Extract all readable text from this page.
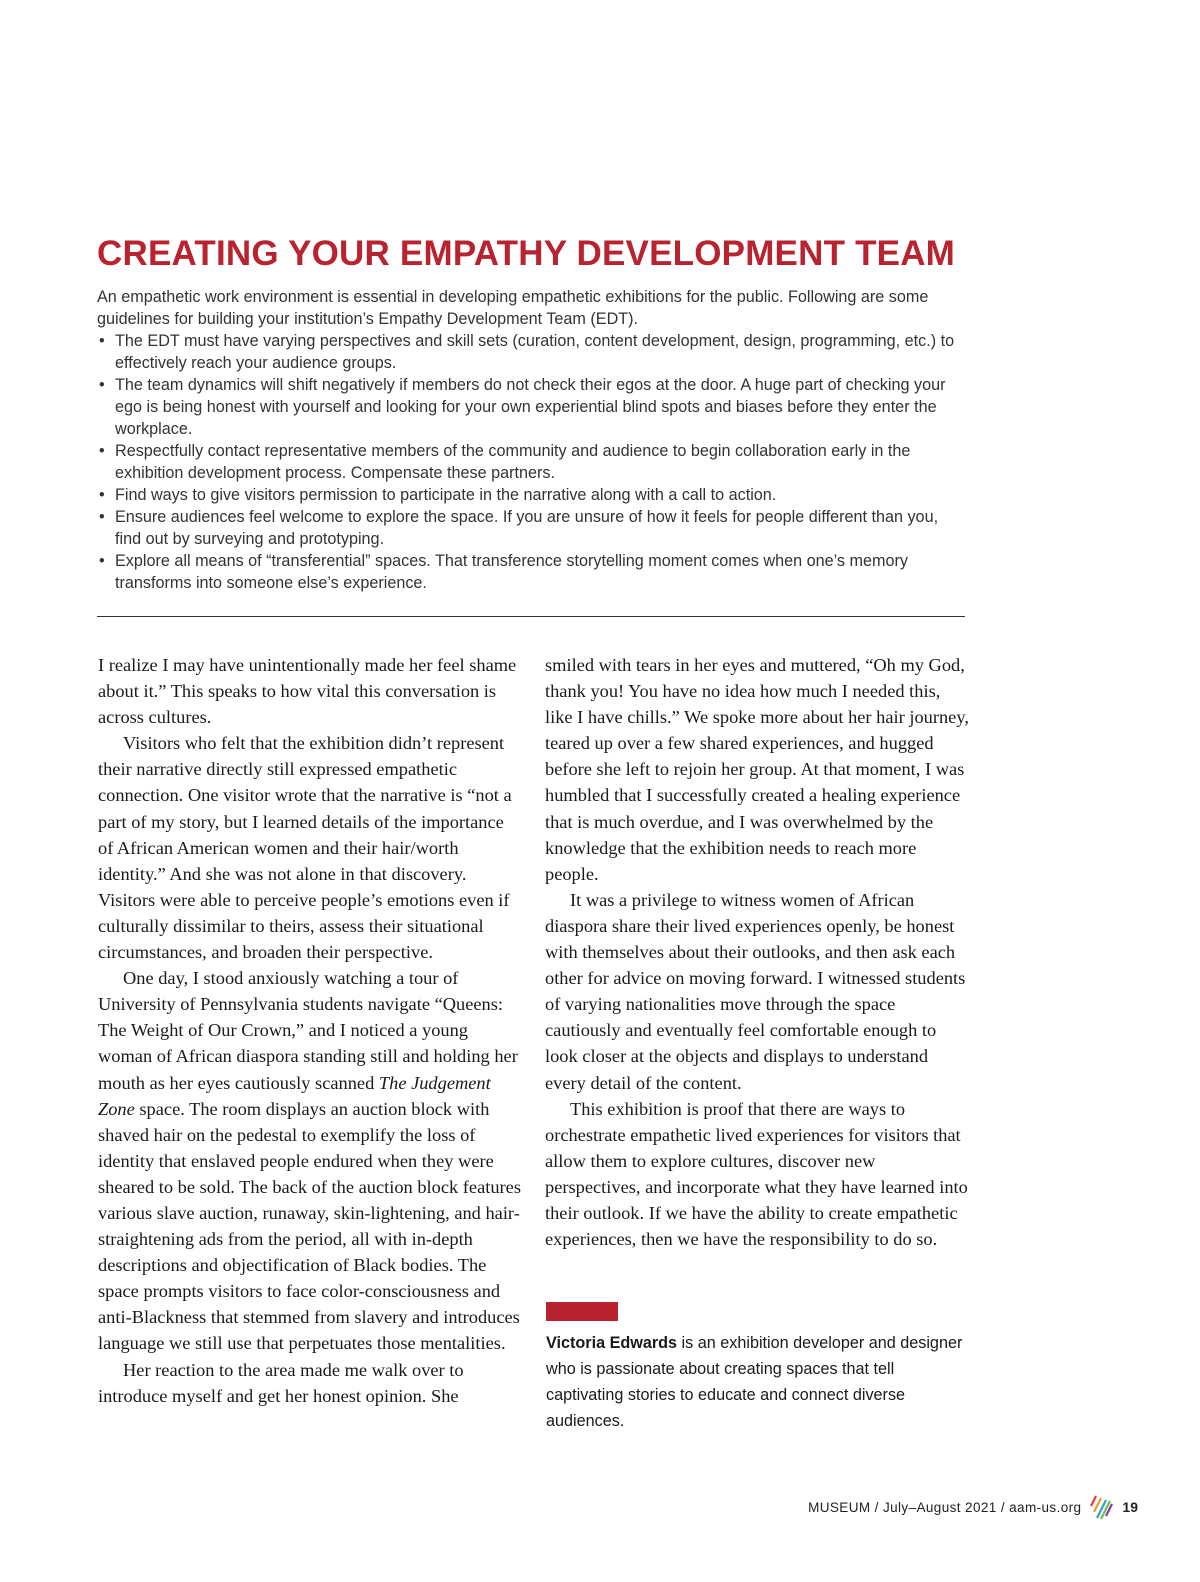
CREATING YOUR EMPATHY DEVELOPMENT TEAM

An empathetic work environment is essential in developing empathetic exhibitions for the public. Following are some guidelines for building your institution’s Empathy Development Team (EDT).

• The EDT must have varying perspectives and skill sets (curation, content development, design, programming, etc.) to effectively reach your audience groups.
• The team dynamics will shift negatively if members do not check their egos at the door. A huge part of checking your ego is being honest with yourself and looking for your own experiential blind spots and biases before they enter the workplace.
• Respectfully contact representative members of the community and audience to begin collaboration early in the exhibition development process. Compensate these partners.
• Find ways to give visitors permission to participate in the narrative along with a call to action.
• Ensure audiences feel welcome to explore the space. If you are unsure of how it feels for people different than you, find out by surveying and prototyping.
• Explore all means of “transferential” spaces. That transference storytelling moment comes when one’s memory transforms into someone else’s experience.

I realize I may have unintentionally made her feel shame about it.” This speaks to how vital this conversation is across cultures.

Visitors who felt that the exhibition didn’t represent their narrative directly still expressed empathetic connection. One visitor wrote that the narrative is “not a part of my story, but I learned details of the importance of African American women and their hair/worth identity.” And she was not alone in that discovery. Visitors were able to perceive people’s emotions even if culturally dissimilar to theirs, assess their situational circumstances, and broaden their perspective.

One day, I stood anxiously watching a tour of University of Pennsylvania students navigate “Queens: The Weight of Our Crown,” and I noticed a young woman of African diaspora standing still and holding her mouth as her eyes cautiously scanned The Judgement Zone space. The room displays an auction block with shaved hair on the pedestal to exemplify the loss of identity that enslaved people endured when they were sheared to be sold. The back of the auction block features various slave auction, runaway, skin-lightening, and hair-straightening ads from the period, all with in-depth descriptions and objectification of Black bodies. The space prompts visitors to face color-consciousness and anti-Blackness that stemmed from slavery and introduces language we still use that perpetuates those mentalities.

Her reaction to the area made me walk over to introduce myself and get her honest opinion. She

smiled with tears in her eyes and muttered, “Oh my God, thank you! You have no idea how much I needed this, like I have chills.” We spoke more about her hair journey, teared up over a few shared experiences, and hugged before she left to rejoin her group. At that moment, I was humbled that I successfully created a healing experience that is much overdue, and I was overwhelmed by the knowledge that the exhibition needs to reach more people.

It was a privilege to witness women of African diaspora share their lived experiences openly, be honest with themselves about their outlooks, and then ask each other for advice on moving forward. I witnessed students of varying nationalities move through the space cautiously and eventually feel comfortable enough to look closer at the objects and displays to understand every detail of the content.

This exhibition is proof that there are ways to orchestrate empathetic lived experiences for visitors that allow them to explore cultures, discover new perspectives, and incorporate what they have learned into their outlook. If we have the ability to create empathetic experiences, then we have the responsibility to do so.

Victoria Edwards is an exhibition developer and designer who is passionate about creating spaces that tell captivating stories to educate and connect diverse audiences.
MUSEUM / July–August 2021 / aam-us.org	19
